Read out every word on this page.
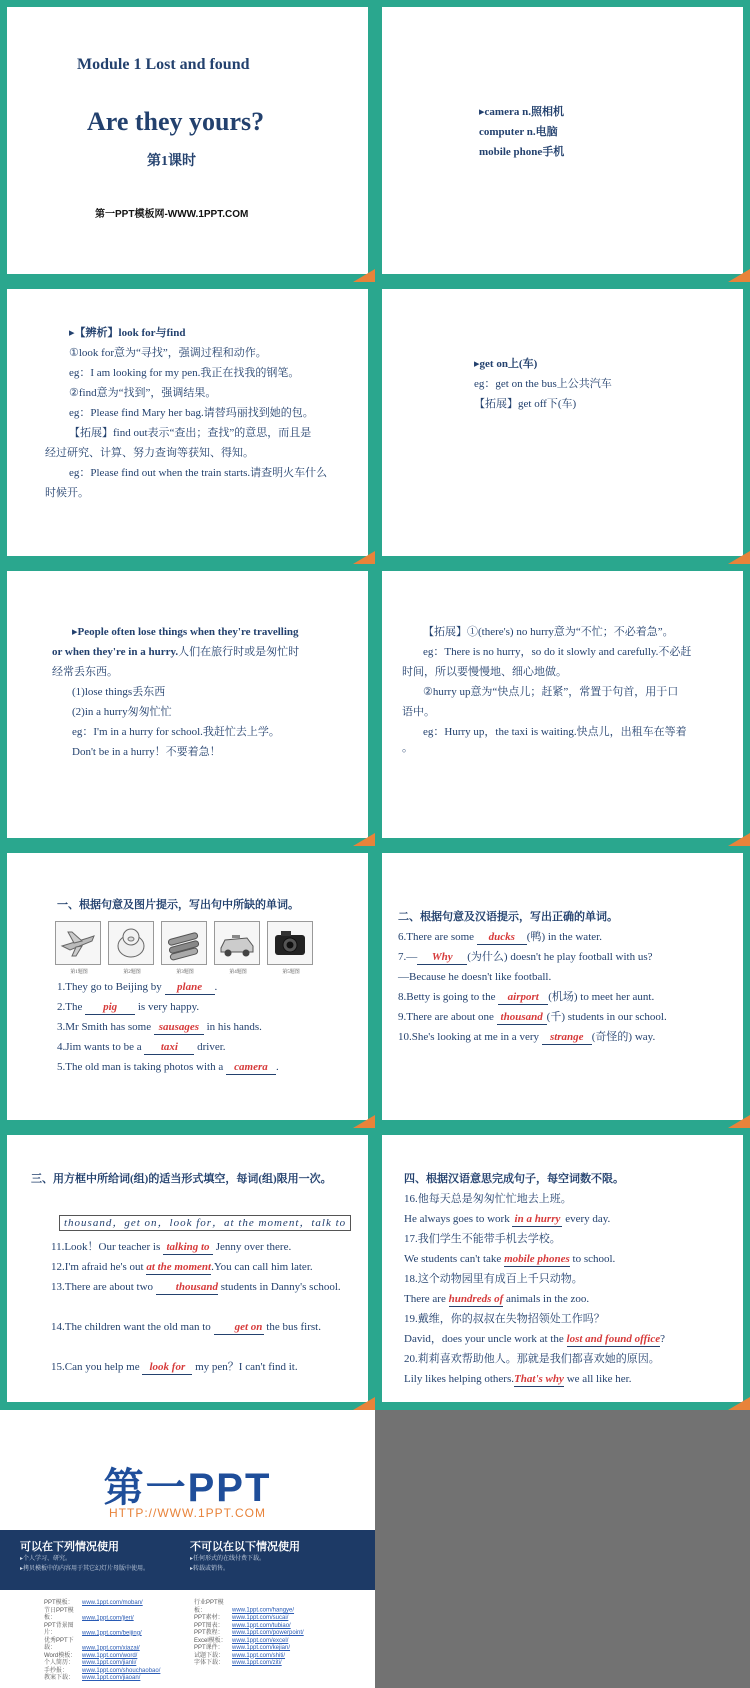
Module 1 Lost and found
Are they yours?
第1课时
第一PPT模板网-WWW.1PPT.COM
▸camera n.照相机
computer n.电脑
mobile phone手机
▸【辨析】look for与find
①look for意为“寻找”，强调过程和动作。
eg：I am looking for my pen.我正在找我的钢笔。
②find意为“找到”，强调结果。
eg：Please find Mary her bag.请替玛丽找到她的包。
【拓展】find out表示“查出；查找”的意思，而且是
经过研究、计算、努力查询等获知、得知。
eg：Please find out when the train starts.请查明火车什么
时候开。
▸get on上(车)
eg：get on the bus上公共汽车
【拓展】get off下(车)
▸People often lose things when they're travelling
or when they're in a hurry.人们在旅行时或是匆忙时
经常丢东西。
(1)lose things丢东西
(2)in a hurry匆匆忙忙
eg：I'm in a hurry for school.我赶忙去上学。
Don't be in a hurry！不要着急！
【拓展】①(there's) no hurry意为“不忙；不必着急”。
eg：There is no hurry，so do it slowly and carefully.不必赶
时间，所以要慢慢地、细心地做。
②hurry up意为“快点儿；赶紧”，常置于句首，用于口
语中。
eg：Hurry up，the taxi is waiting.快点儿，出租车在等着
。
一、根据句意及图片提示，写出句中所缺的单词。
第1题图	第2题图	第3题图	第4题图	第5题图
1.They go to Beijing by plane .
2.The pig is very happy.
3.Mr Smith has some sausages in his hands.
4.Jim wants to be a taxi driver.
5.The old man is taking photos with a camera .
二、根据句意及汉语提示，写出正确的单词。
6.There are some ducks (鸭) in the water.
7.— Why (为什么) doesn't he play football with us?
—Because he doesn't like football.
8.Betty is going to the airport (机场) to meet her aunt.
9.There are about one thousand (千) students in our school.
10.She's looking at me in a very strange (奇怪的) way.
三、用方框中所给词(组)的适当形式填空，每词(组)限用一次。
thousand，get on，look for，at the moment，talk to
11.Look！Our teacher is talking to Jenny over there.
12.I'm afraid he's out at the moment.You can call him later.
13.There are about two thousand students in Danny's school.
14.The children want the old man to get on the bus first.
15.Can you help me look for my pen？I can't find it.
四、根据汉语意思完成句子，每空词数不限。
16.他每天总是匆匆忙忙地去上班。
He always goes to work in a hurry every day.
17.我们学生不能带手机去学校。
We students can't take mobile phones to school.
18.这个动物园里有成百上千只动物。
There are hundreds of animals in the zoo.
19.戴维，你的叔叔在失物招领处工作吗？
David，does your uncle work at the lost and found office?
20.莉莉喜欢帮助他人。那就是我们都喜欢她的原因。
Lily likes helping others.That's why we all like her.
第一PPT
HTTP://WWW.1PPT.COM
可以在下列情况使用
▸个人学习、研究。
▸拷贝模板中的内容用于其它幻灯片母版中使用。
不可以在以下情况使用
▸任何形式的在线付费下载。
▸转载或销售。
PPT模板： www.1ppt.com/moban/
节日PPT模板：	www.1ppt.com/jieri/
PPT背景图片：	www.1ppt.com/beijing/
优秀PPT下载：	www.1ppt.com/xiazai/
Word模板： www.1ppt.com/word/
个人简历： www.1ppt.com/jianli/
手抄报： www.1ppt.com/shouchaobao/
教案下载： www.1ppt.com/jiaoan/
行业PPT模板：	www.1ppt.com/hangye/
PPT素材： www.1ppt.com/sucai/
PPT图表： www.1ppt.com/tubiao/
PPT教程： www.1ppt.com/powerpoint/
Excel模板： www.1ppt.com/excel/
PPT课件： www.1ppt.com/kejian/
试题下载： www.1ppt.com/shiti/
字体下载： www.1ppt.com/ziti/
